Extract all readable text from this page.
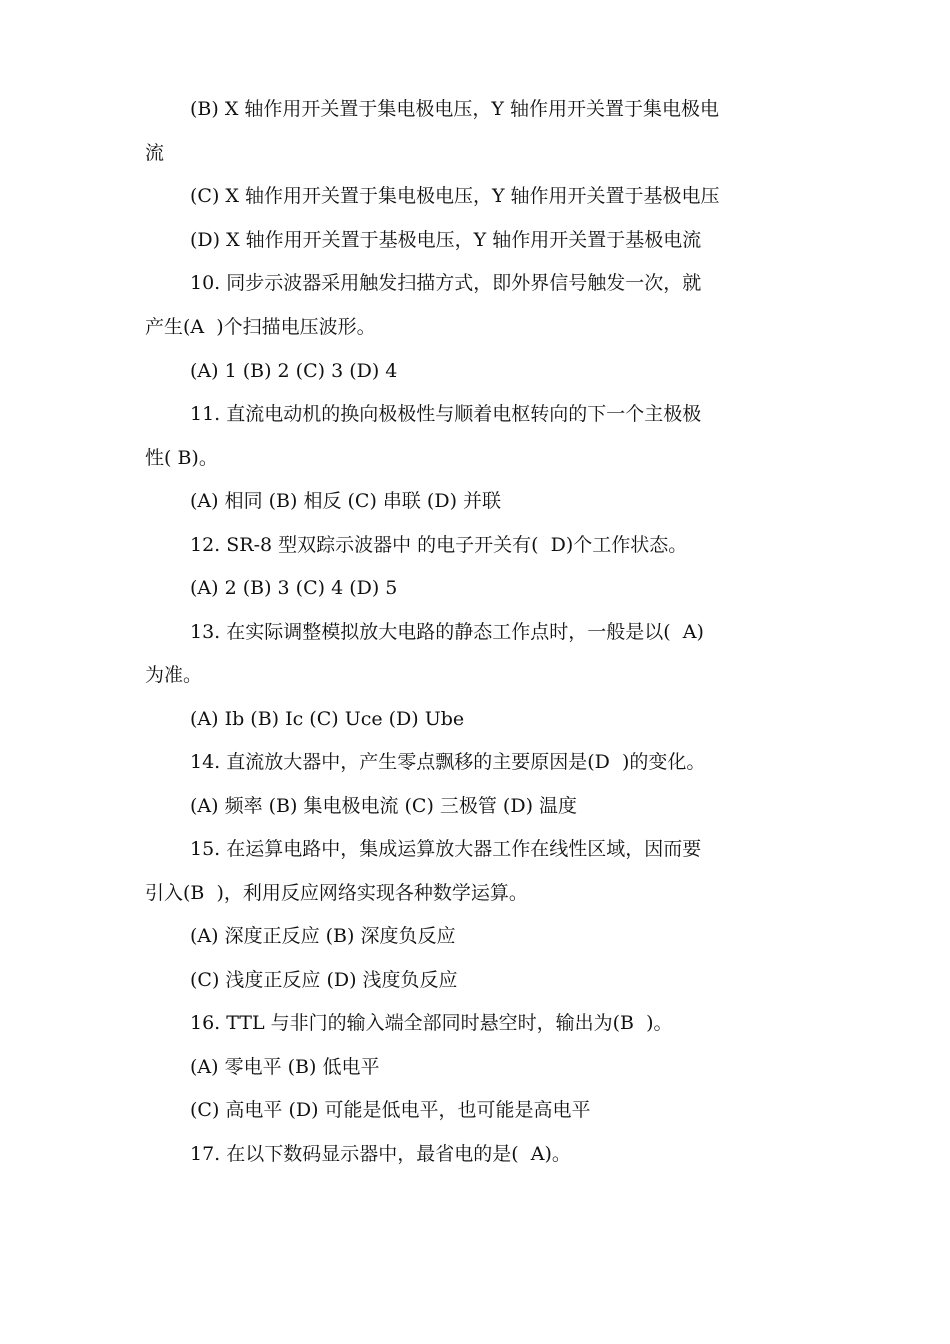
(B) X 轴作用开关置于集电极电压，Y 轴作用开关置于集电极电
流
(C) X 轴作用开关置于集电极电压，Y 轴作用开关置于基极电压
(D) X 轴作用开关置于基极电压，Y 轴作用开关置于基极电流
10. 同步示波器采用触发扫描方式，即外界信号触发一次，就
产生(A  )个扫描电压波形。
(A) 1 (B) 2 (C) 3 (D) 4
11. 直流电动机的换向极极性与顺着电枢转向的下一个主极极
性( B)。
(A) 相同 (B) 相反 (C) 串联 (D) 并联
12. SR-8 型双踪示波器中 的电子开关有(  D)个工作状态。
(A) 2 (B) 3 (C) 4 (D) 5
13. 在实际调整模拟放大电路的静态工作点时，一般是以(  A)
为准。
(A) Ib (B) Ic (C) Uce (D) Ube
14. 直流放大器中，产生零点飘移的主要原因是(D  )的变化。
(A) 频率 (B) 集电极电流 (C) 三极管 (D) 温度
15. 在运算电路中，集成运算放大器工作在线性区域，因而要
引入(B  )，利用反应网络实现各种数学运算。
(A) 深度正反应 (B) 深度负反应
(C) 浅度正反应 (D) 浅度负反应
16. TTL 与非门的输入端全部同时悬空时，输出为(B  )。
(A) 零电平 (B) 低电平
(C) 高电平 (D) 可能是低电平，也可能是高电平
17. 在以下数码显示器中，最省电的是(  A)。
